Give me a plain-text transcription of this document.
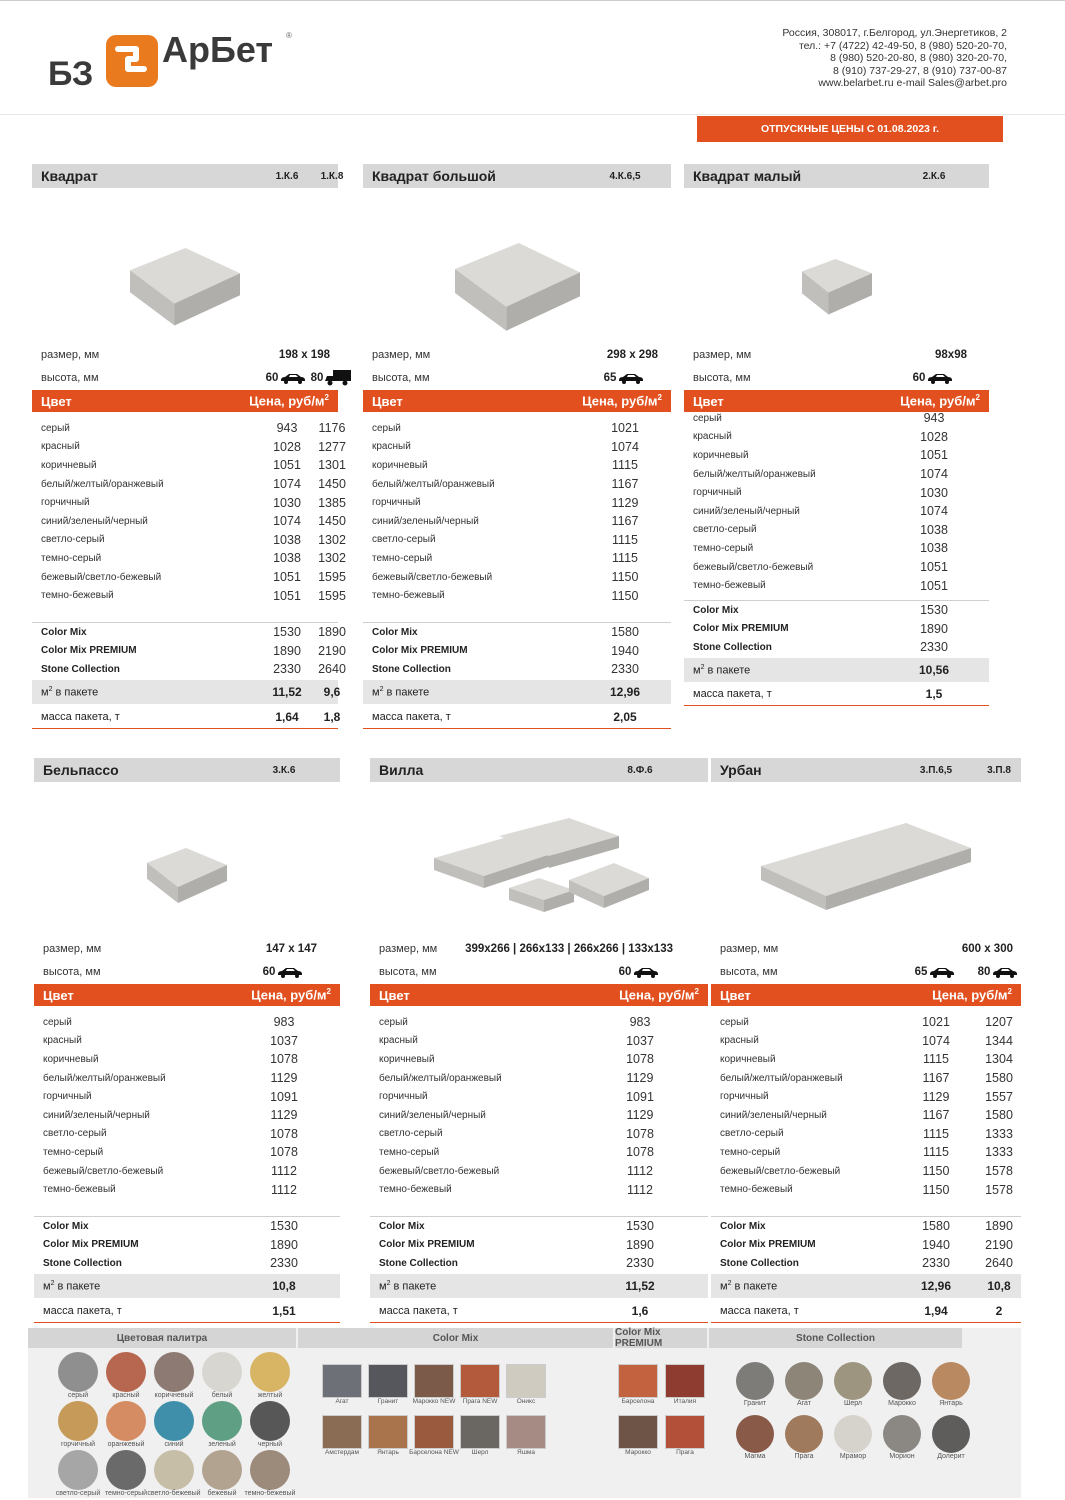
БЗ
АрБет ®	Россия, 308017, г.Белгород, ул.Энергетиков, 2
тел.: +7 (4722) 42-49-50, 8 (980) 520-20-70,
8 (980) 520-20-80, 8 (980) 320-20-70,
8 (910) 737-29-27, 8 (910) 737-00-87
www.belarbet.ru e-mail Sales@arbet.pro
ОТПУСКНЫЕ ЦЕНЫ С 01.08.2023 г.
Квадрат	1.К.6	1.К.8
размер, мм	198 x 198
высота, мм	60	80
Цвет	Цена, руб/$м^2$
серый	943	1176
красный	1028	1277
коричневый	1051	1301
белый/желтый/оранжевый	1074	1450
горчичный	1030	1385
синий/зеленый/черный	1074	1450
светло-серый	1038	1302
темно-серый	1038	1302
бежевый/светло-бежевый	1051	1595
темно-бежевый	1051	1595
Color Mix	1530	1890
Color Mix PREMIUM	1890	2190
Stone Collection	2330	2640
$м^2$ в пакете	11,52	9,6
масса пакета, т	1,64	1,8
Квадрат большой	4.К.6,5
размер, мм	298 x 298
высота, мм	65
Цвет	Цена, руб/$м^2$
серый	1021
красный	1074
коричневый	1115
белый/желтый/оранжевый	1167
горчичный	1129
синий/зеленый/черный	1167
светло-серый	1115
темно-серый	1115
бежевый/светло-бежевый	1150
темно-бежевый	1150
Color Mix	1580
Color Mix PREMIUM	1940
Stone Collection	2330
$м^2$ в пакете	12,96
масса пакета, т	2,05
Квадрат малый	2.К.6
размер, мм	98x98
высота, мм	60
Цвет	Цена, руб/$м^2$
серый	943
красный	1028
коричневый	1051
белый/желтый/оранжевый	1074
горчичный	1030
синий/зеленый/черный	1074
светло-серый	1038
темно-серый	1038
бежевый/светло-бежевый	1051
темно-бежевый	1051
Color Mix	1530
Color Mix PREMIUM	1890
Stone Collection	2330
$м^2$ в пакете	10,56
масса пакета, т	1,5
Бельпассо	3.К.6
размер, мм	147 x 147
высота, мм	60
Цвет	Цена, руб/$м^2$
серый	983
красный	1037
коричневый	1078
белый/желтый/оранжевый	1129
горчичный	1091
синий/зеленый/черный	1129
светло-серый	1078
темно-серый	1078
бежевый/светло-бежевый	1112
темно-бежевый	1112
Color Mix	1530
Color Mix PREMIUM	1890
Stone Collection	2330
$м^2$ в пакете	10,8
масса пакета, т	1,51
Вилла	8.Ф.6
размер, мм	399x266 | 266x133 | 266x266 | 133x133
высота, мм	60
Цвет	Цена, руб/$м^2$
серый	983
красный	1037
коричневый	1078
белый/желтый/оранжевый	1129
горчичный	1091
синий/зеленый/черный	1129
светло-серый	1078
темно-серый	1078
бежевый/светло-бежевый	1112
темно-бежевый	1112
Color Mix	1530
Color Mix PREMIUM	1890
Stone Collection	2330
$м^2$ в пакете	11,52
масса пакета, т	1,6
Урбан	3.П.6,5	3.П.8
размер, мм	600 x 300
высота, мм	65	80
Цвет	Цена, руб/$м^2$
серый	1021	1207
красный	1074	1344
коричневый	1115	1304
белый/желтый/оранжевый	1167	1580
горчичный	1129	1557
синий/зеленый/черный	1167	1580
светло-серый	1115	1333
темно-серый	1115	1333
бежевый/светло-бежевый	1150	1578
темно-бежевый	1150	1578
Color Mix	1580	1890
Color Mix PREMIUM	1940	2190
Stone Collection	2330	2640
$м^2$ в пакете	12,96	10,8
масса пакета, т	1,94	2
Цветовая палитра	Color Mix	Color Mix PREMIUM	Stone Collection
серый	красный	коричневый	белый	желтый
горчичный	оранжевый	синий	зеленый	черный
светло-серый темно-серый светло-бежевый бежевый	темно-бежевый
Агат	Гранит	Марокко NEW	Прага NEW	Оникс
Амстердам	Янтарь	Барселона NEW	Шерл	Яшма
Барселона	Италия
Марокко	Прага
Гранит	Агат	Шерл	Марокко	Янтарь
Магма	Прага	Мрамор	Морион	Долерит
